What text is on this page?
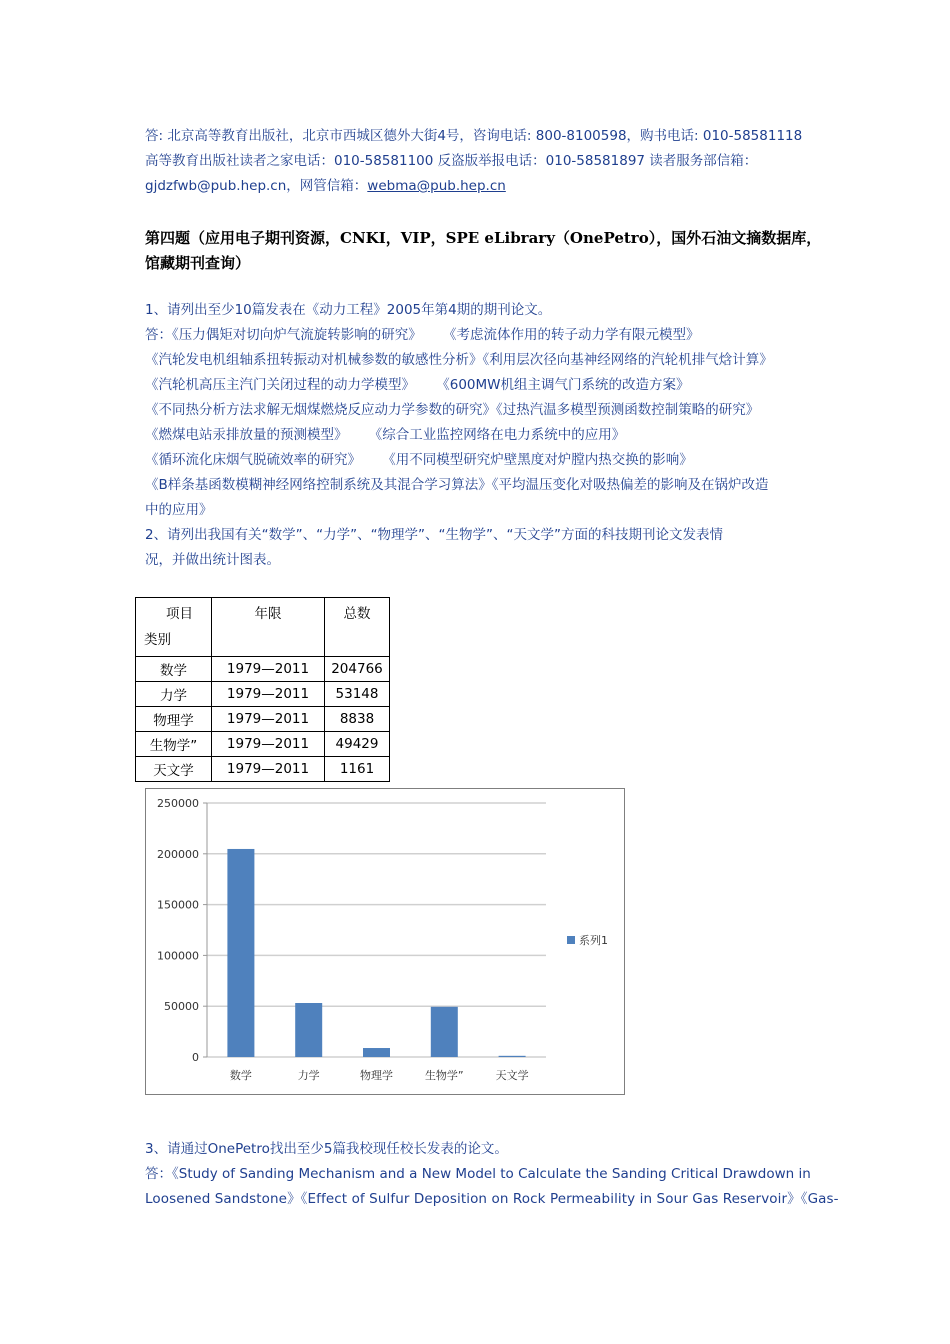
答: 北京高等教育出版社，北京市西城区德外大街4号，咨询电话: 800-8100598，购书电话: 010-58581118
高等教育出版社读者之家电话：010-58581100 反盗版举报电话：010-58581897 读者服务部信箱：
gjdzfwb@pub.hep.cn，网管信箱：webma@pub.hep.cn
第四题（应用电子期刊资源，CNKI，VIP，SPE eLibrary（OnePetro），国外石油文摘数据库，
馆藏期刊查询）
1、请列出至少10篇发表在《动力工程》2005年第4期的期刊论文。
答：《压力偶矩对切向炉气流旋转影响的研究》 《考虑流体作用的转子动力学有限元模型》
《汽轮发电机组轴系扭转振动对机械参数的敏感性分析》《利用层次径向基神经网络的汽轮机排气焓计算》
《汽轮机高压主汽门关闭过程的动力学模型》 《600MW机组主调气门系统的改造方案》
《不同热分析方法求解无烟煤燃烧反应动力学参数的研究》《过热汽温多模型预测函数控制策略的研究》
《燃煤电站汞排放量的预测模型》 《综合工业监控网络在电力系统中的应用》
《循环流化床烟气脱硫效率的研究》 《用不同模型研究炉壁黑度对炉膛内热交换的影响》
《B样条基函数模糊神经网络控制系统及其混合学习算法》《平均温压变化对吸热偏差的影响及在锅炉改造
中的应用》
2、请列出我国有关“数学”、“力学”、“物理学”、“生物学”、“天文学”方面的科技期刊论文发表情
况，并做出统计图表。
项目
类别	年限	总数
数学	1979—2011	204766
力学	1979—2011	53148
物理学	1979—2011	8838
生物学”	1979—2011	49429
天文学	1979—2011	1161
0
50000
100000
150000
200000
250000
数学	力学	物理学	生物学”	天文学
系列1
3、请通过OnePetro找出至少5篇我校现任校长发表的论文。
答：《Study of Sanding Mechanism and a New Model to Calculate the Sanding Critical Drawdown in
Loosened Sandstone》《Effect of Sulfur Deposition on Rock Permeability in Sour Gas Reservoir》《Gas-
